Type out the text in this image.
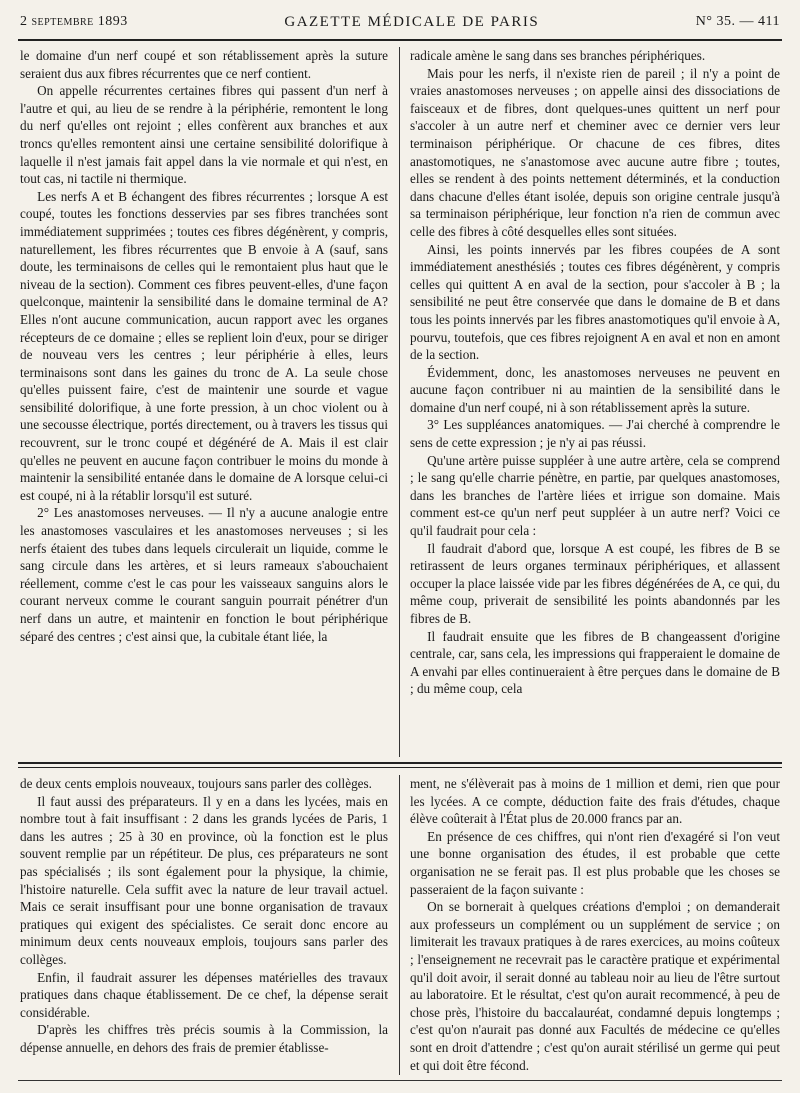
2 septembre 1893	GAZETTE MÉDICALE DE PARIS	N° 35. — 411

le domaine d'un nerf coupé et son rétablissement après la suture seraient dus aux fibres récurrentes que ce nerf contient.

On appelle récurrentes certaines fibres qui passent d'un nerf à l'autre et qui, au lieu de se rendre à la périphérie, remontent le long du nerf qu'elles ont rejoint ; elles confèrent aux branches et aux troncs qu'elles remontent ainsi une certaine sensibilité dolorifique à laquelle il n'est jamais fait appel dans la vie normale et qui n'est, en tout cas, ni tactile ni thermique.

Les nerfs A et B échangent des fibres récurrentes ; lorsque A est coupé, toutes les fonctions desservies par ses fibres tranchées sont immédiatement supprimées ; toutes ces fibres dégénèrent, y compris, naturellement, les fibres récurrentes que B envoie à A (sauf, sans doute, les terminaisons de celles qui le remontaient plus haut que le niveau de la section). Comment ces fibres peuvent-elles, d'une façon quelconque, maintenir la sensibilité dans le domaine terminal de A? Elles n'ont aucune communication, aucun rapport avec les organes récepteurs de ce domaine ; elles se replient loin d'eux, pour se diriger de nouveau vers les centres ; leur périphérie à elles, leurs terminaisons sont dans les gaines du tronc de A. La seule chose qu'elles puissent faire, c'est de maintenir une sourde et vague sensibilité dolorifique, à une forte pression, à un choc violent ou à une secousse électrique, portés directement, ou à travers les tissus qui recouvrent, sur le tronc coupé et dégénéré de A. Mais il est clair qu'elles ne peuvent en aucune façon contribuer le moins du monde à maintenir la sensibilité entanée dans le domaine de A lorsque celui-ci est coupé, ni à la rétablir lorsqu'il est suturé.

2° Les anastomoses nerveuses. — Il n'y a aucune analogie entre les anastomoses vasculaires et les anastomoses nerveuses ; si les nerfs étaient des tubes dans lequels circulerait un liquide, comme le sang circule dans les artères, et si leurs rameaux s'abouchaient réellement, comme c'est le cas pour les vaisseaux sanguins alors le courant nerveux comme le courant sanguin pourrait pénétrer d'un nerf dans un autre, et maintenir en fonction le bout périphérique séparé des centres ; c'est ainsi que, la cubitale étant liée, la

radicale amène le sang dans ses branches périphériques.

Mais pour les nerfs, il n'existe rien de pareil ; il n'y a point de vraies anastomoses nerveuses ; on appelle ainsi des dissociations de faisceaux et de fibres, dont quelques-unes quittent un nerf pour s'accoler à un autre nerf et cheminer avec ce dernier vers leur terminaison périphérique. Or chacune de ces fibres, dites anastomotiques, ne s'anastomose avec aucune autre fibre ; toutes, elles se rendent à des points nettement déterminés, et la conduction dans chacune d'elles étant isolée, depuis son origine centrale jusqu'à sa terminaison périphérique, leur fonction n'a rien de commun avec celle des fibres à côté desquelles elles sont situées.

Ainsi, les points innervés par les fibres coupées de A sont immédiatement anesthésiés ; toutes ces fibres dégénèrent, y compris celles qui quittent A en aval de la section, pour s'accoler à B ; la sensibilité ne peut être conservée que dans le domaine de B et dans tous les points innervés par les fibres anastomotiques qu'il envoie à A, pourvu, toutefois, que ces fibres rejoignent A en aval et non en amont de la section.

Évidemment, donc, les anastomoses nerveuses ne peuvent en aucune façon contribuer ni au maintien de la sensibilité dans le domaine d'un nerf coupé, ni à son rétablissement après la suture.

3° Les suppléances anatomiques. — J'ai cherché à comprendre le sens de cette expression ; je n'y ai pas réussi.

Qu'une artère puisse suppléer à une autre artère, cela se comprend ; le sang qu'elle charrie pénètre, en partie, par quelques anastomoses, dans les branches de l'artère liées et irrigue son domaine. Mais comment est-ce qu'un nerf peut suppléer à un autre nerf? Voici ce qu'il faudrait pour cela :

Il faudrait d'abord que, lorsque A est coupé, les fibres de B se retirassent de leurs organes terminaux périphériques, et allassent occuper la place laissée vide par les fibres dégénérées de A, ce qui, du même coup, priverait de sensibilité les points abandonnés par les fibres de B.

Il faudrait ensuite que les fibres de B changeassent d'origine centrale, car, sans cela, les impressions qui frapperaient le domaine de A envahi par elles continueraient à être perçues dans le domaine de B ; du même coup, cela

de deux cents emplois nouveaux, toujours sans parler des collèges.

Il faut aussi des préparateurs. Il y en a dans les lycées, mais en nombre tout à fait insuffisant : 2 dans les grands lycées de Paris, 1 dans les autres ; 25 à 30 en province, où la fonction est le plus souvent remplie par un répétiteur. De plus, ces préparateurs ne sont pas spécialisés ; ils sont également pour la physique, la chimie, l'histoire naturelle. Cela suffit avec la nature de leur travail actuel. Mais ce serait insuffisant pour une bonne organisation de travaux pratiques qui exigent des spécialistes. Ce serait donc encore au minimum deux cents nouveaux emplois, toujours sans parler des collèges.

Enfin, il faudrait assurer les dépenses matérielles des travaux pratiques dans chaque établissement. De ce chef, la dépense serait considérable.

D'après les chiffres très précis soumis à la Commission, la dépense annuelle, en dehors des frais de premier établisse-

ment, ne s'élèverait pas à moins de 1 million et demi, rien que pour les lycées. A ce compte, déduction faite des frais d'études, chaque élève coûterait à l'État plus de 20.000 francs par an.

En présence de ces chiffres, qui n'ont rien d'exagéré si l'on veut une bonne organisation des études, il est probable que cette organisation ne se ferait pas. Il est plus probable que les choses se passeraient de la façon suivante :

On se bornerait à quelques créations d'emploi ; on demanderait aux professeurs un complément ou un supplément de service ; on limiterait les travaux pratiques à de rares exercices, au moins coûteux ; l'enseignement ne recevrait pas le caractère pratique et expérimental qu'il doit avoir, il serait donné au tableau noir au lieu de l'être surtout au laboratoire. Et le résultat, c'est qu'on aurait recommencé, à peu de chose près, l'histoire du baccalauréat, condamné depuis longtemps ; c'est qu'on n'aurait pas donné aux Facultés de médecine ce qu'elles sont en droit d'attendre ; c'est qu'on aurait stérilisé un germe qui peut et qui doit être fécond.
